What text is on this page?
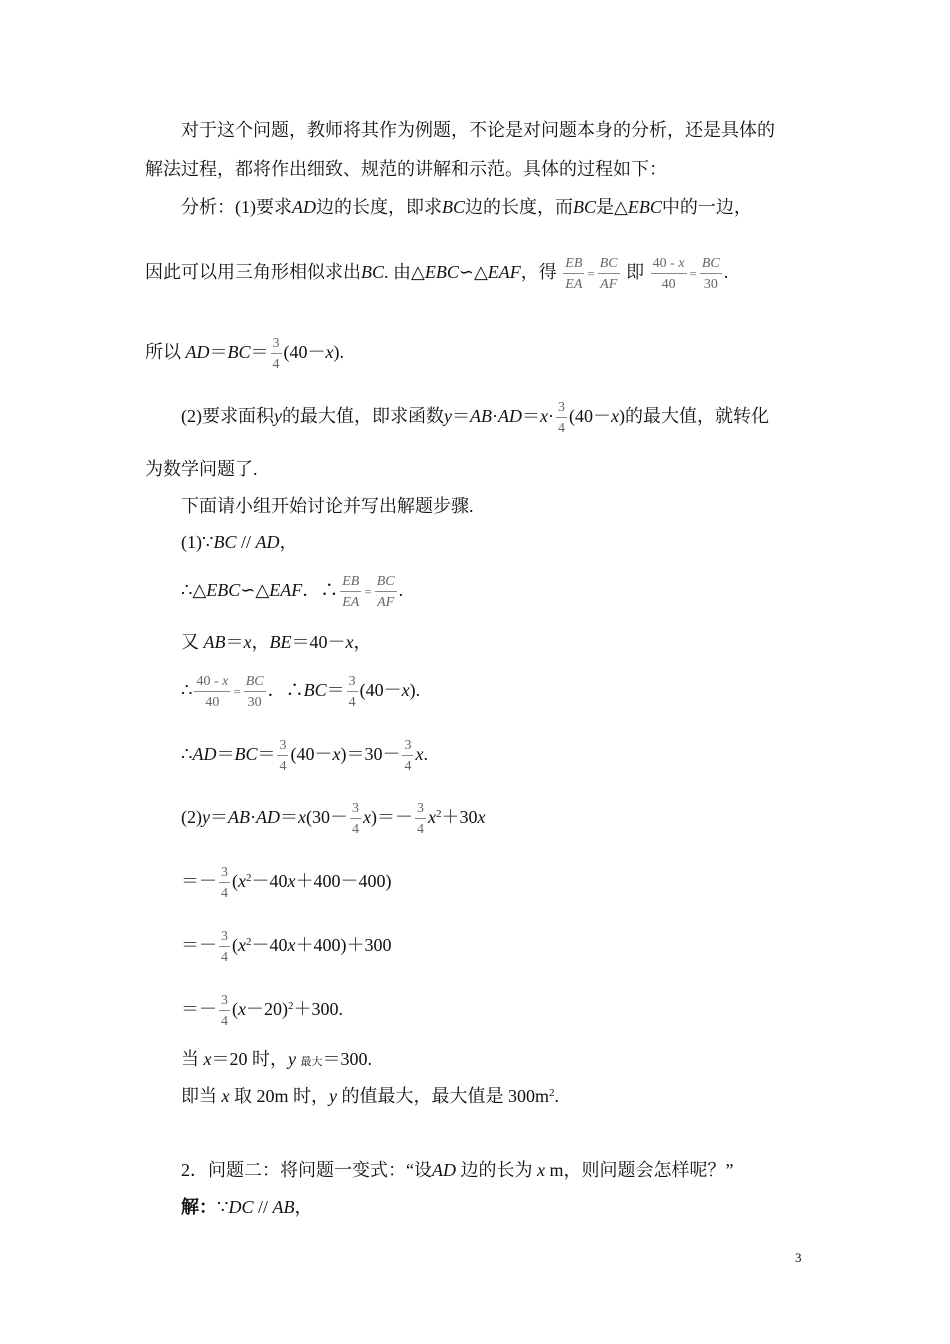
对于这个问题，教师将其作为例题，不论是对问题本身的分析，还是具体的
解法过程，都将作出细致、规范的讲解和示范。具体的过程如下：
分析：(1)要求AD边的长度，即求BC边的长度，而BC是△EBC中的一边，
因此可以用三角形相似求出BC. 由△EBC∽△EAF，得 $\frac{EB}{EA} = \frac{BC}{AF}$ 即 $\frac{40 - x}{40} = \frac{BC}{30}$ .
所以 $AD=BC= \frac{3}{4} (40-x)$.
(2)要求面积y的最大值，即求函数$y=AB\cdot AD=x\cdot \frac{3}{4} (40-x)$的最大值，就转化
为数学问题了.
下面请小组开始讨论并写出解题步骤.
(1)∵BC // AD，
∴△EBC∽△EAF．∴ $\frac{EB}{EA} = \frac{BC}{AF}$ .
又 AB＝x，BE＝40－x，
∴ $\frac{40 - x}{40} = \frac{BC}{30}$ ．∴BC＝ $\frac{3}{4} (40-x)$.
∴AD＝BC＝ $\frac{3}{4} (40-x)=30- \frac{3}{4} x$.
$(2)y=AB\cdot AD=x(30- \frac{3}{4} x)=- \frac{3}{4} x^2+30x$
＝－ $\frac{3}{4} (x^2-40x+400-400)$
＝－ $\frac{3}{4} (x^2-40x+400)+300$
＝－ $\frac{3}{4} (x-20)^2+300$.
当 x＝20 时，y 最大＝300.
即当 x 取 20m 时，y 的值最大，最大值是 $300m^2$.
2．问题二：将问题一变式：“设AD 边的长为 x m，则问题会怎样呢？”
解：∵DC // AB，
3
